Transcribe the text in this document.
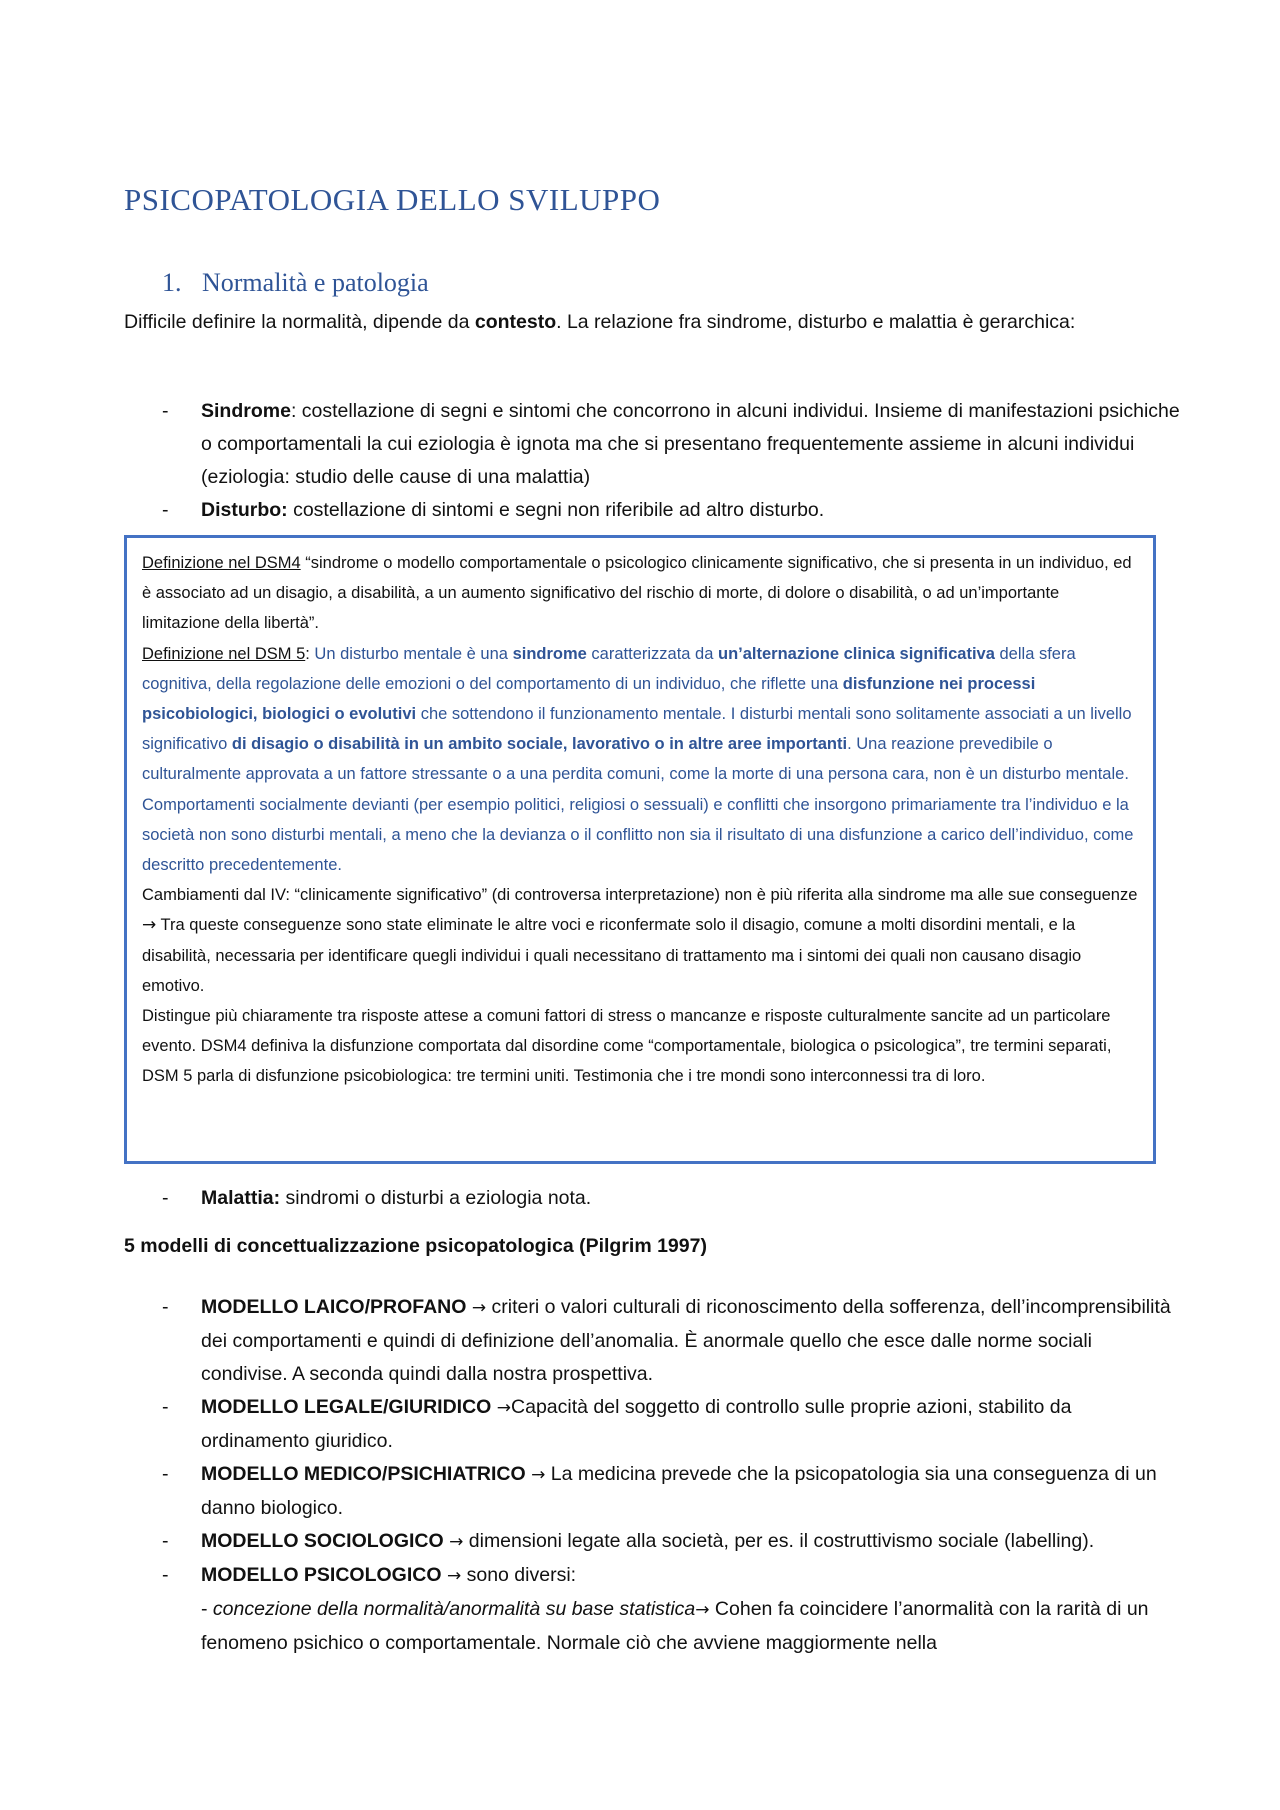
PSICOPATOLOGIA DELLO SVILUPPO
1. Normalità e patologia
Difficile definire la normalità, dipende da contesto. La relazione fra sindrome, disturbo e malattia è gerarchica:
- Sindrome: costellazione di segni e sintomi che concorrono in alcuni individui. Insieme di manifestazioni psichiche o comportamentali la cui eziologia è ignota ma che si presentano frequentemente assieme in alcuni individui (eziologia: studio delle cause di una malattia)
- Disturbo: costellazione di sintomi e segni non riferibile ad altro disturbo.

Definizione nel DSM4 “sindrome o modello comportamentale o psicologico clinicamente significativo, che si presenta in un individuo, ed è associato ad un disagio, a disabilità, a un aumento significativo del rischio di morte, di dolore o disabilità, o ad un’importante limitazione della libertà”.

Definizione nel DSM 5: Un disturbo mentale è una sindrome caratterizzata da un’alternazione clinica significativa della sfera cognitiva, della regolazione delle emozioni o del comportamento di un individuo, che riflette una disfunzione nei processi psicobiologici, biologici o evolutivi che sottendono il funzionamento mentale. I disturbi mentali sono solitamente associati a un livello significativo di disagio o disabilità in un ambito sociale, lavorativo o in altre aree importanti. Una reazione prevedibile o culturalmente approvata a un fattore stressante o a una perdita comuni, come la morte di una persona cara, non è un disturbo mentale. Comportamenti socialmente devianti (per esempio politici, religiosi o sessuali) e conflitti che insorgono primariamente tra l’individuo e la società non sono disturbi mentali, a meno che la devianza o il conflitto non sia il risultato di una disfunzione a carico dell’individuo, come descritto precedentemente.

Cambiamenti dal IV: “clinicamente significativo” (di controversa interpretazione) non è più riferita alla sindrome ma alle sue conseguenze → Tra queste conseguenze sono state eliminate le altre voci e riconfermate solo il disagio, comune a molti disordini mentali, e la disabilità, necessaria per identificare quegli individui i quali necessitano di trattamento ma i sintomi dei quali non causano disagio emotivo.

Distingue più chiaramente tra risposte attese a comuni fattori di stress o mancanze e risposte culturalmente sancite ad un particolare evento. DSM4 definiva la disfunzione comportata dal disordine come “comportamentale, biologica o psicologica”, tre termini separati, DSM 5 parla di disfunzione psicobiologica: tre termini uniti. Testimonia che i tre mondi sono interconnessi tra di loro.

- Malattia: sindromi o disturbi a eziologia nota.
5 modelli di concettualizzazione psicopatologica (Pilgrim 1997)
- MODELLO LAICO/PROFANO → criteri o valori culturali di riconoscimento della sofferenza, dell’incomprensibilità dei comportamenti e quindi di definizione dell’anomalia. È anormale quello che esce dalle norme sociali condivise. A seconda quindi dalla nostra prospettiva.
- MODELLO LEGALE/GIURIDICO →Capacità del soggetto di controllo sulle proprie azioni, stabilito da ordinamento giuridico.
- MODELLO MEDICO/PSICHIATRICO → La medicina prevede che la psicopatologia sia una conseguenza di un danno biologico.
- MODELLO SOCIOLOGICO → dimensioni legate alla società, per es. il costruttivismo sociale (labelling).
- MODELLO PSICOLOGICO → sono diversi:
- concezione della normalità/anormalità su base statistica→ Cohen fa coincidere l’anormalità con la rarità di un fenomeno psichico o comportamentale. Normale ciò che avviene maggiormente nella
